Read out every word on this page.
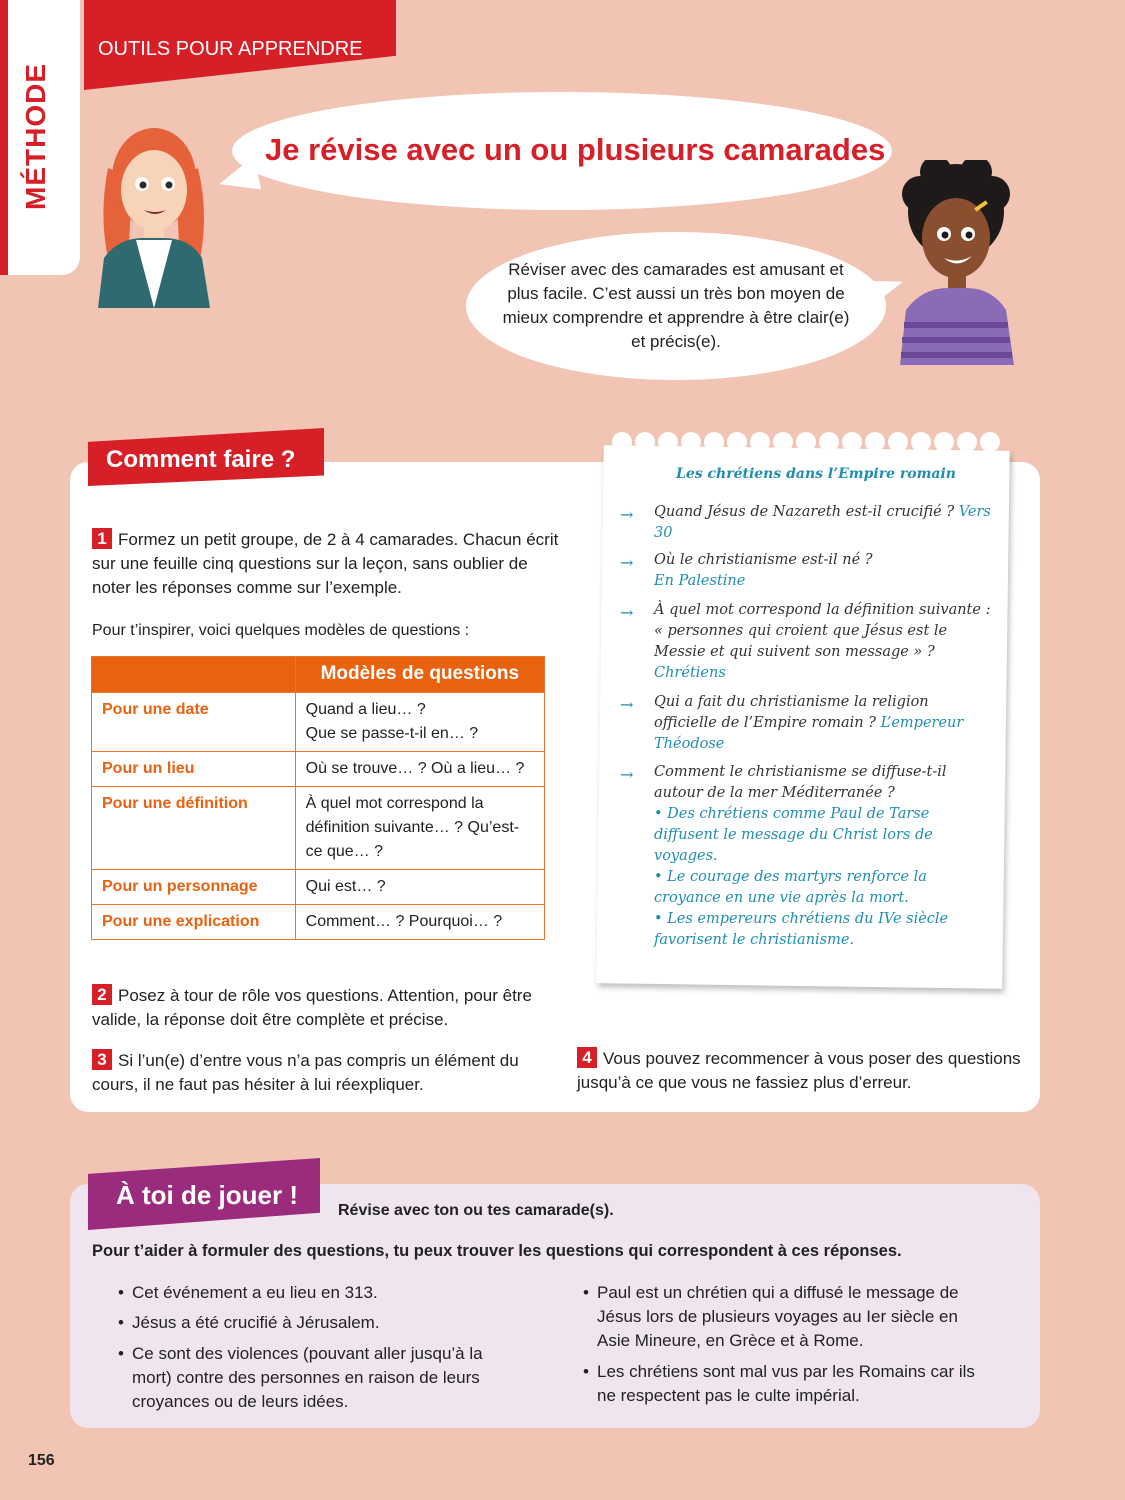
MÉTHODE
OUTILS POUR APPRENDRE
Je révise avec un ou plusieurs camarades
Réviser avec des camarades est amusant et plus facile. C’est aussi un très bon moyen de mieux comprendre et apprendre à être clair(e) et précis(e).
Comment faire ?
1 Formez un petit groupe, de 2 à 4 camarades. Chacun écrit sur une feuille cinq questions sur la leçon, sans oublier de noter les réponses comme sur l’exemple.
Pour t’inspirer, voici quelques modèles de questions :
	Modèles de questions
Pour une date	Quand a lieu… ?
Que se passe-t-il en… ?
Pour un lieu	Où se trouve… ? Où a lieu… ?
Pour une définition	À quel mot correspond la définition suivante… ? Qu’est-ce que… ?
Pour un personnage	Qui est… ?
Pour une explication	Comment… ? Pourquoi… ?
2 Posez à tour de rôle vos questions. Attention, pour être valide, la réponse doit être complète et précise.
3 Si l’un(e) d’entre vous n’a pas compris un élément du cours, il ne faut pas hésiter à lui réexpliquer.
4 Vous pouvez recommencer à vous poser des questions jusqu’à ce que vous ne fassiez plus d’erreur.
Les chrétiens dans l’Empire romain
→ Quand Jésus de Nazareth est-il crucifié ? Vers 30
→ Où le christianisme est-il né ?
En Palestine
→ À quel mot correspond la définition suivante : « personnes qui croient que Jésus est le Messie et qui suivent son message » ? Chrétiens
→ Qui a fait du christianisme la religion officielle de l’Empire romain ? L’empereur Théodose
→ Comment le christianisme se diffuse-t-il autour de la mer Méditerranée ?
• Des chrétiens comme Paul de Tarse diffusent le message du Christ lors de voyages.
• Le courage des martyrs renforce la croyance en une vie après la mort.
• Les empereurs chrétiens du IVe siècle favorisent le christianisme.
À toi de jouer !
Révise avec ton ou tes camarade(s).
Pour t’aider à formuler des questions, tu peux trouver les questions qui correspondent à ces réponses.
• Cet événement a eu lieu en 313.
• Jésus a été crucifié à Jérusalem.
• Ce sont des violences (pouvant aller jusqu’à la mort) contre des personnes en raison de leurs croyances ou de leurs idées.
• Paul est un chrétien qui a diffusé le message de Jésus lors de plusieurs voyages au Ier siècle en Asie Mineure, en Grèce et à Rome.
• Les chrétiens sont mal vus par les Romains car ils ne respectent pas le culte impérial.
156
